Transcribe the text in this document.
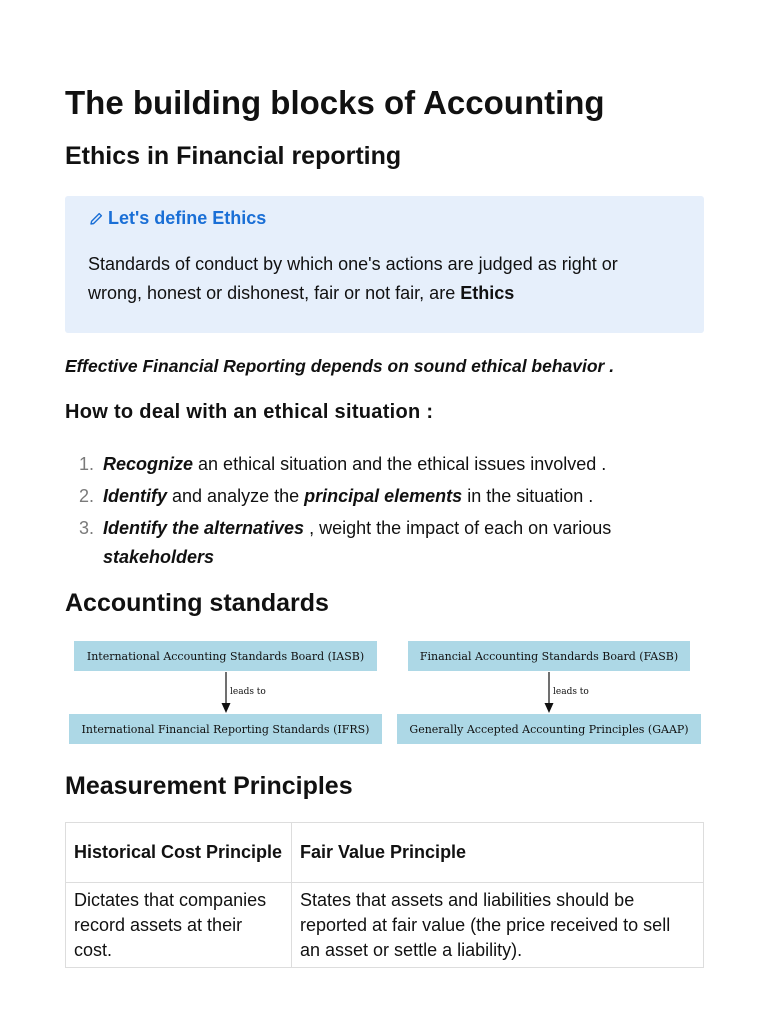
The building blocks of Accounting
Ethics in Financial reporting
Let's define Ethics
Standards of conduct by which one's actions are judged as right or wrong, honest or dishonest, fair or not fair, are Ethics
Effective Financial Reporting depends on sound ethical behavior .
How to deal with an ethical situation :
1. Recognize an ethical situation and the ethical issues involved .
2. Identify and analyze the principal elements in the situation .
3. Identify the alternatives , weight the impact of each on various stakeholders
Accounting standards
Measurement Principles
Historical Cost Principle	Fair Value Principle
Dictates that companies record assets at their cost.	States that assets and liabilities should be reported at fair value (the price received to sell an asset or settle a liability).
International Accounting Standards Board (IASB)
International Financial Reporting Standards (IFRS)
Financial Accounting Standards Board (FASB)
Generally Accepted Accounting Principles (GAAP)
leads to	leads to
